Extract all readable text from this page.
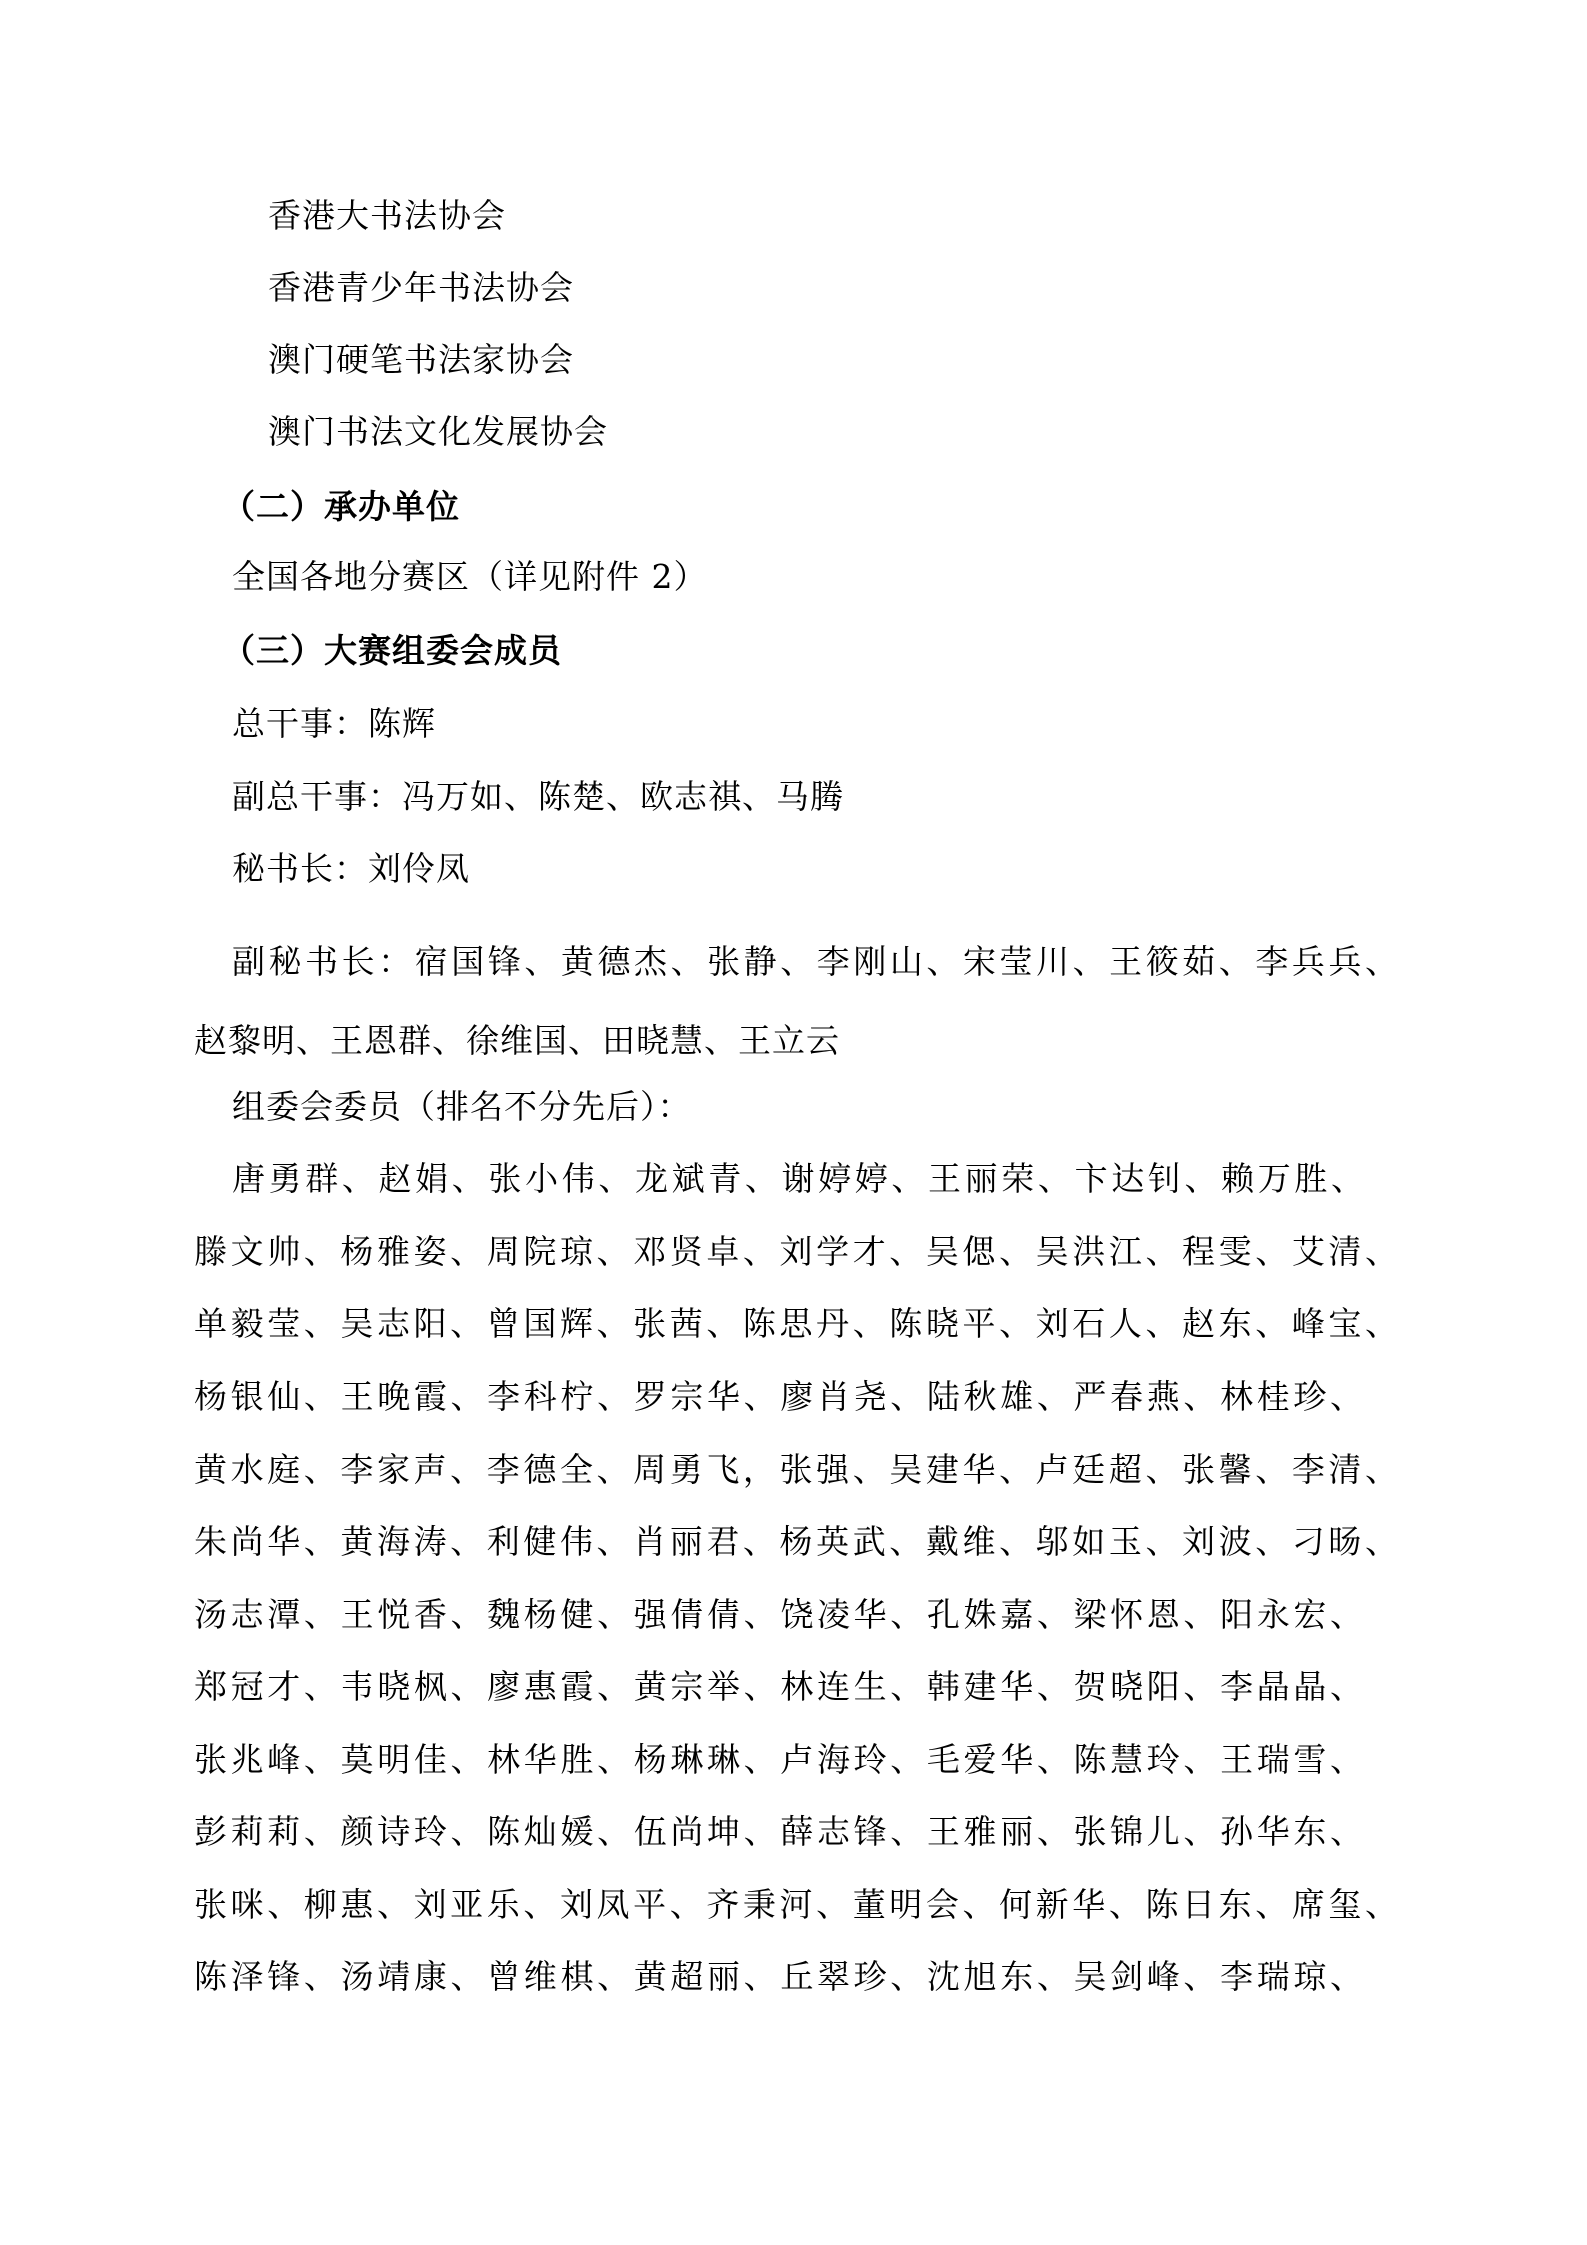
香港大书法协会
香港青少年书法协会
澳门硬笔书法家协会
澳门书法文化发展协会
（二）承办单位
全国各地分赛区（详见附件 2）
（三）大赛组委会成员
总干事：陈辉
副总干事：冯万如、陈楚、欧志祺、马腾
秘书长：刘伶凤
副秘书长：宿国锋、黄德杰、张静、李刚山、宋莹川、王筱茹、李兵兵、
赵黎明、王恩群、徐维国、田晓慧、王立云
组委会委员（排名不分先后）：
唐勇群、赵娟、张小伟、龙斌青、谢婷婷、王丽荣、卞达钊、赖万胜、
滕文帅、杨雅姿、周院琼、邓贤卓、刘学才、吴偲、吴洪江、程雯、艾清、
单毅莹、吴志阳、曾国辉、张茜、陈思丹、陈晓平、刘石人、赵东、峰宝、
杨银仙、王晚霞、李科柠、罗宗华、廖肖尧、陆秋雄、严春燕、林桂珍、
黄水庭、李家声、李德全、周勇飞，张强、吴建华、卢廷超、张馨、李清、
朱尚华、黄海涛、利健伟、肖丽君、杨英武、戴维、邬如玉、刘波、刁旸、
汤志潭、王悦香、魏杨健、强倩倩、饶凌华、孔姝嘉、梁怀恩、阳永宏、
郑冠才、韦晓枫、廖惠霞、黄宗举、林连生、韩建华、贺晓阳、李晶晶、
张兆峰、莫明佳、林华胜、杨琳琳、卢海玲、毛爱华、陈慧玲、王瑞雪、
彭莉莉、颜诗玲、陈灿媛、伍尚坤、薛志锋、王雅丽、张锦儿、孙华东、
张咪、柳惠、刘亚乐、刘凤平、齐秉河、董明会、何新华、陈日东、席玺、
陈泽锋、汤靖康、曾维棋、黄超丽、丘翠珍、沈旭东、吴剑峰、李瑞琼、
